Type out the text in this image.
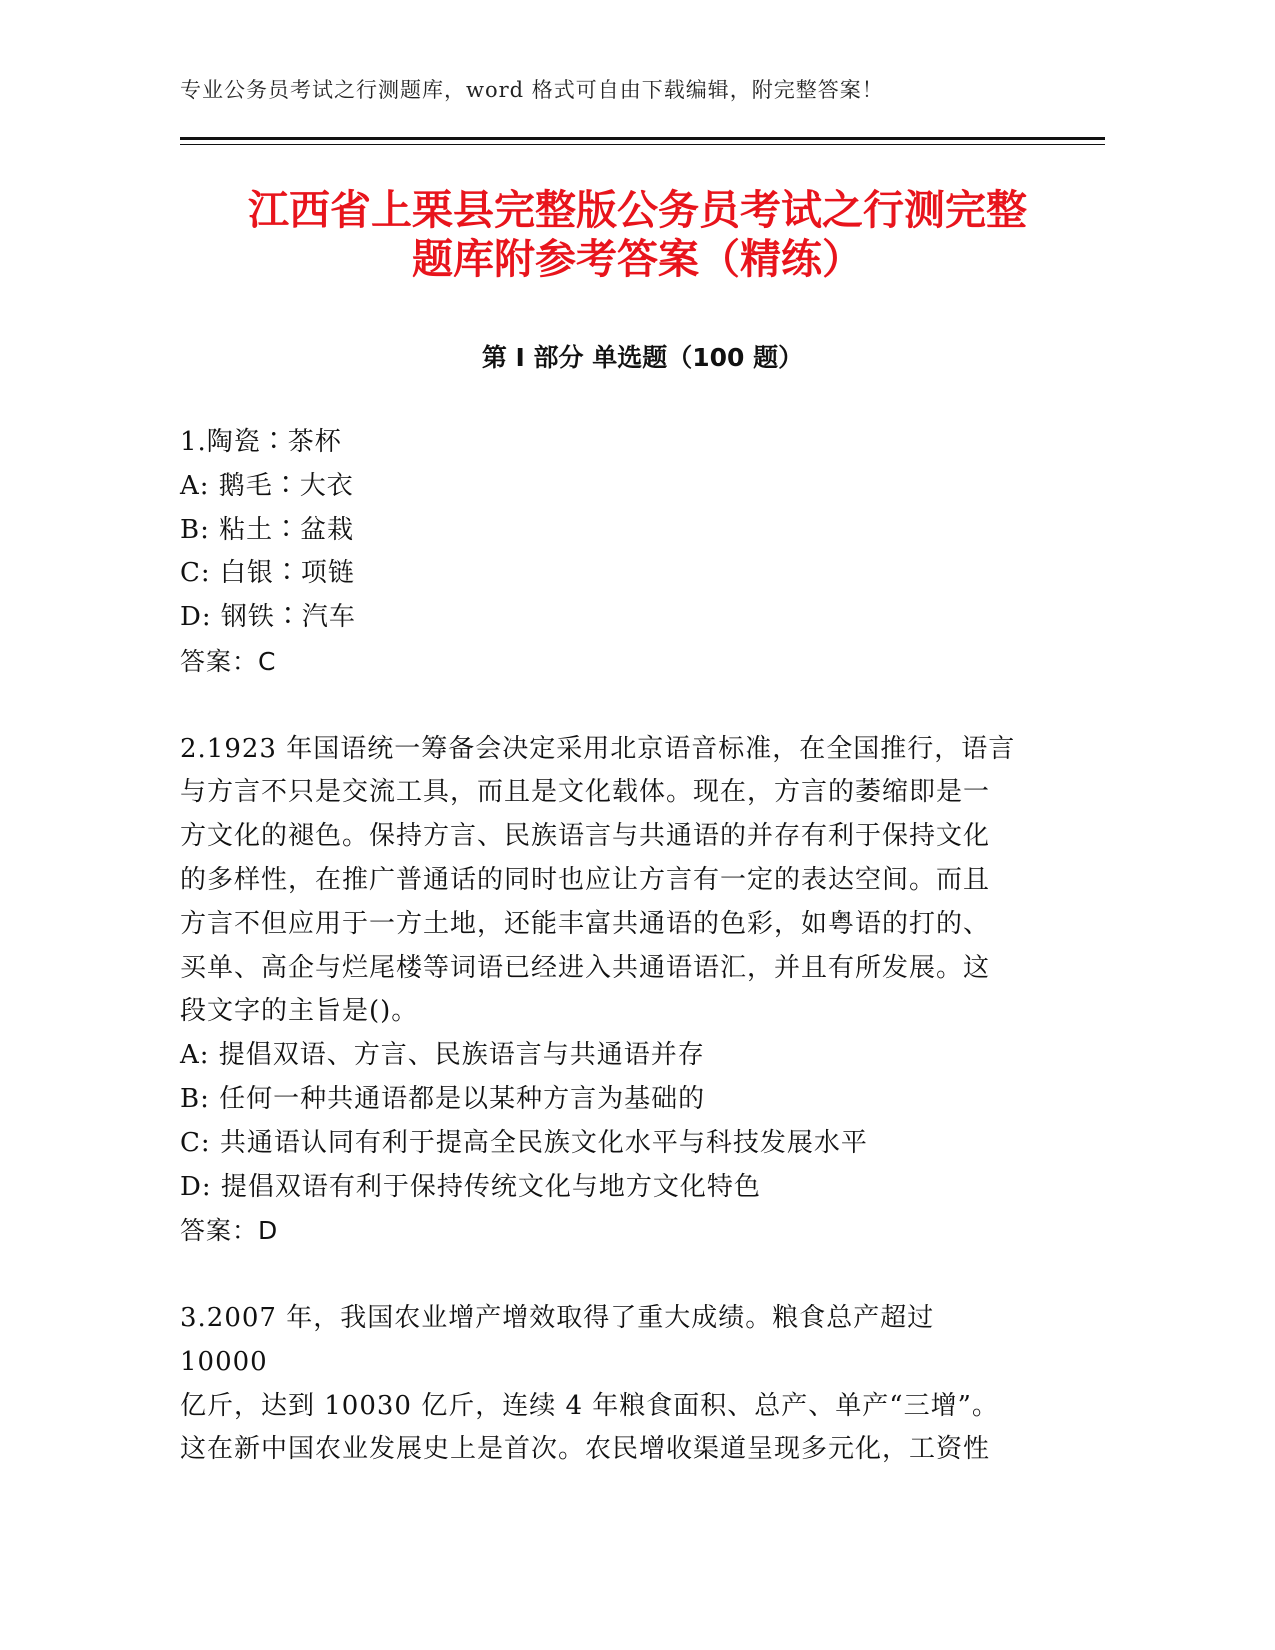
专业公务员考试之行测题库，word 格式可自由下载编辑，附完整答案！
江西省上栗县完整版公务员考试之行测完整
题库附参考答案（精练）
第 I 部分 单选题（100 题）
1.陶瓷∶茶杯
A: 鹅毛∶大衣
B: 粘土∶盆栽
C: 白银∶项链
D: 钢铁∶汽车
答案：C
2.1923 年国语统一筹备会决定采用北京语音标准，在全国推行，语言
与方言不只是交流工具，而且是文化载体。现在，方言的萎缩即是一
方文化的褪色。保持方言、民族语言与共通语的并存有利于保持文化
的多样性，在推广普通话的同时也应让方言有一定的表达空间。而且
方言不但应用于一方土地，还能丰富共通语的色彩，如粤语的打的、
买单、高企与烂尾楼等词语已经进入共通语语汇，并且有所发展。这
段文字的主旨是()。
A: 提倡双语、方言、民族语言与共通语并存
B: 任何一种共通语都是以某种方言为基础的
C: 共通语认同有利于提高全民族文化水平与科技发展水平
D: 提倡双语有利于保持传统文化与地方文化特色
答案：D
3.2007 年，我国农业增产增效取得了重大成绩。粮食总产超过 10000
亿斤，达到 10030 亿斤，连续 4 年粮食面积、总产、单产“三增”。
这在新中国农业发展史上是首次。农民增收渠道呈现多元化，工资性
